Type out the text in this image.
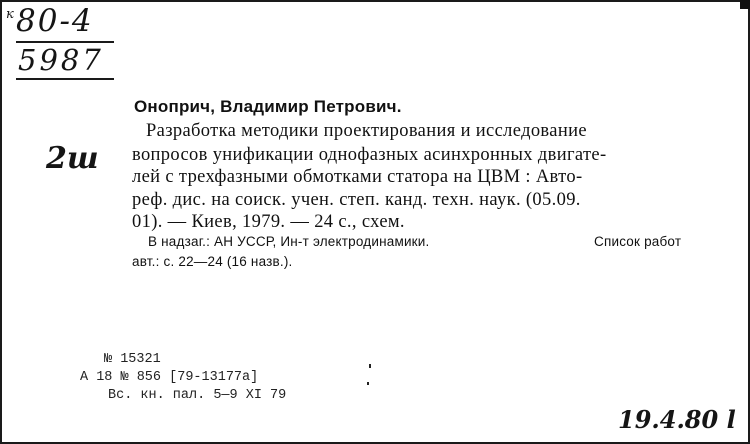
к 80-4
5987
2ш
Оноприч, Владимир Петрович.
Разработка методики проектирования и исследование
вопросов унификации однофазных асинхронных двигате-
лей с трехфазными обмотками статора на ЦВМ : Авто-
реф. дис. на соиск. учен. степ. канд. техн. наук. (05.09.
01). — Киев, 1979. — 24 с., схем.
В надзаг.: АН УССР, Ин-т электродинамики.	Список работ
авт.: с. 22—24 (16 назв.).
№ 15321
А 18 № 856 [79-13177а]
Вс. кн. пал. 5—9 XI 79
19.4.80 l
